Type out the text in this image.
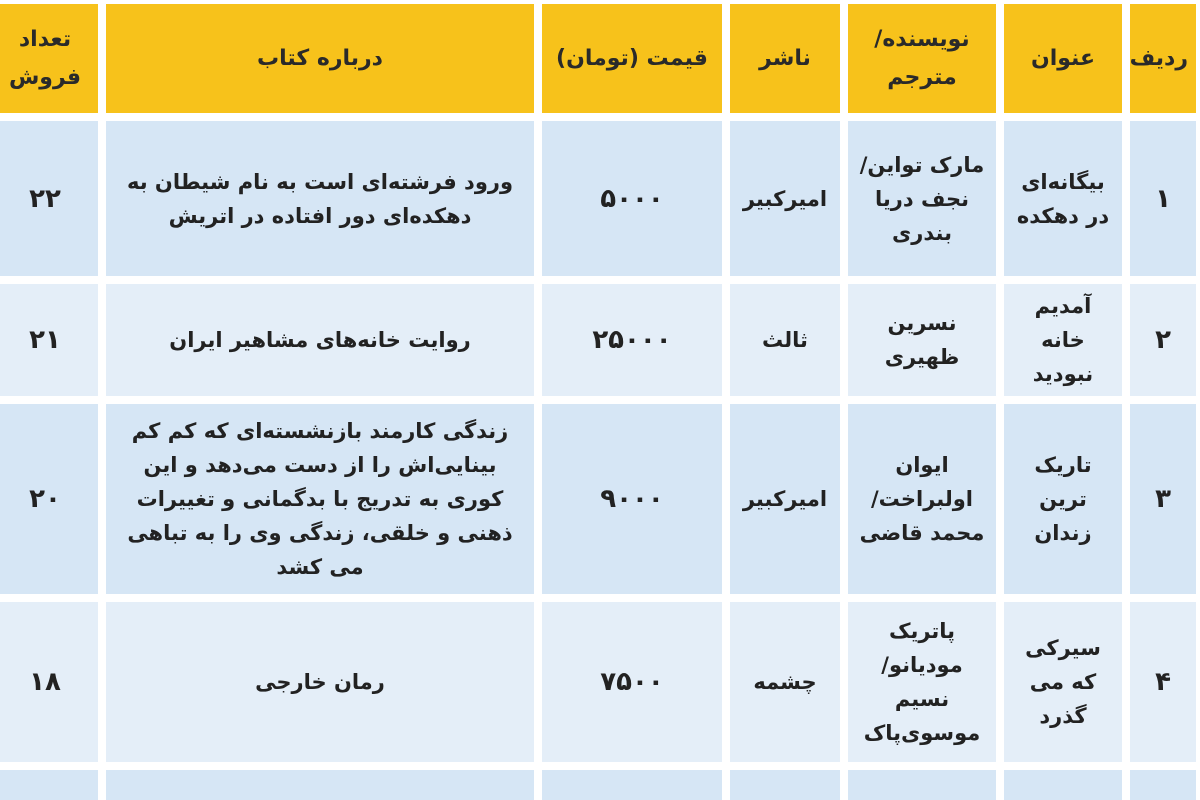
ردیف	عنوان	نویسنده/ مترجم	ناشر	قیمت (تومان)	درباره کتاب	تعداد فروش
۱	بیگانه‌ای در دهکده	مارک تواین/ نجف دریا بندری	امیرکبیر	۵۰۰۰	ورود فرشته‌ای است به نام شیطان به دهکده‌ای دور افتاده در اتریش	۲۲
۲	آمدیم خانه نبودید	نسرین ظهیری	ثالث	۲۵۰۰۰	روایت خانه‌های مشاهیر ایران	۲۱
۳	تاریک ترین زندان	ایوان اولبراخت/ محمد قاضی	امیرکبیر	۹۰۰۰	زندگی کارمند بازنشسته‌ای که کم کم بینایی‌اش را از دست می‌دهد و این کوری به تدریج با بدگمانی و تغییرات ذهنی و خلقی، زندگی وی را به تباهی می کشد	۲۰
۴	سیرکی که می گذرد	پاتریک مودیانو/ نسیم موسوی‌پاک	چشمه	۷۵۰۰	رمان خارجی	۱۸
